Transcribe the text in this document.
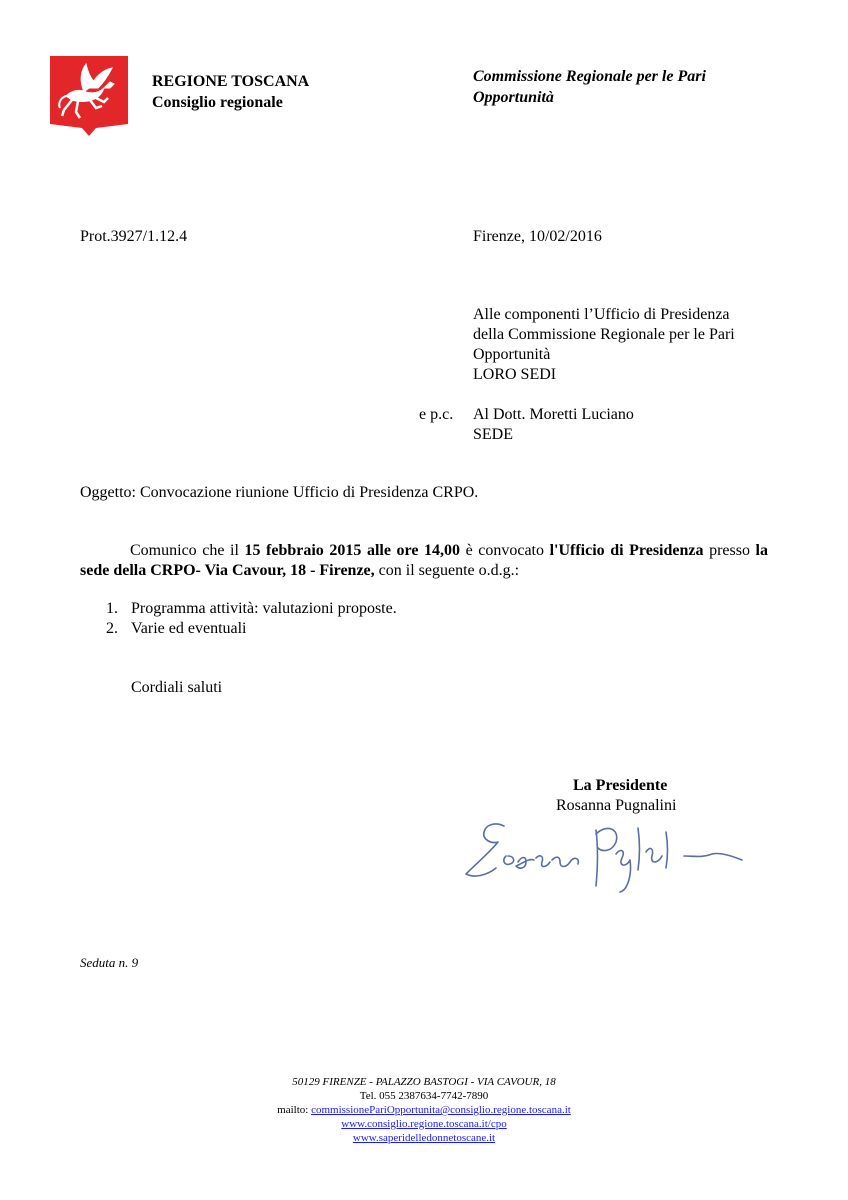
REGIONE TOSCANA
Consiglio regionale
Commissione Regionale per le Pari
Opportunità
Prot.3927/1.12.4	Firenze, 10/02/2016
Alle componenti l’Ufficio di Presidenza
della Commissione Regionale per le Pari
Opportunità
LORO SEDI
e p.c. Al Dott. Moretti Luciano
SEDE
Oggetto: Convocazione riunione Ufficio di Presidenza CRPO.
Comunico che il 15 febbraio 2015 alle ore 14,00 è convocato l'Ufficio di Presidenza presso la sede della CRPO- Via Cavour, 18 - Firenze, con il seguente o.d.g.:
1. Programma attività: valutazioni proposte.
2. Varie ed eventuali
Cordiali saluti
La Presidente
Rosanna Pugnalini
Seduta n. 9
50129 FIRENZE - PALAZZO BASTOGI - VIA CAVOUR, 18
Tel. 055 2387634-7742-7890
mailto: commissionePariOpportunita@consiglio.regione.toscana.it
www.consiglio.regione.toscana.it/cpo
www.saperidelledonnetoscane.it
